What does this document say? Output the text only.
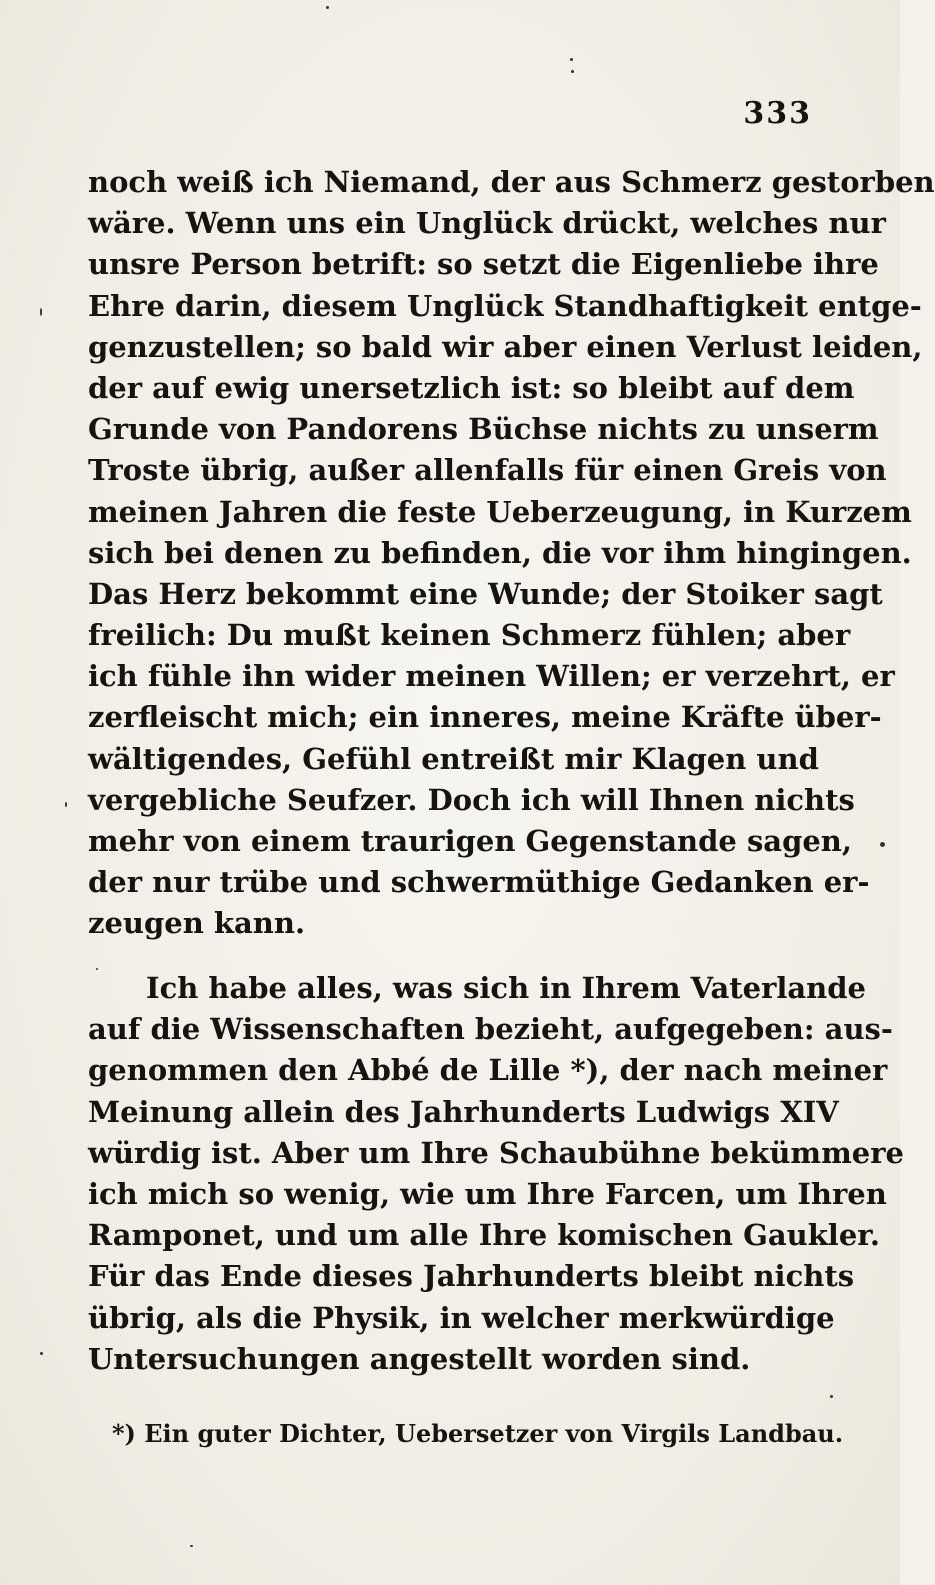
333
noch weiß ich Niemand, der aus Schmerz gestorben
wäre. Wenn uns ein Unglück drückt, welches nur
unsre Person betrift: so setzt die Eigenliebe ihre
Ehre darin, diesem Unglück Standhaftigkeit entge-
genzustellen; so bald wir aber einen Verlust leiden,
der auf ewig unersetzlich ist: so bleibt auf dem
Grunde von Pandorens Büchse nichts zu unserm
Troste übrig, außer allenfalls für einen Greis von
meinen Jahren die feste Ueberzeugung, in Kurzem
sich bei denen zu befinden, die vor ihm hingingen.
Das Herz bekommt eine Wunde; der Stoiker sagt
freilich: Du mußt keinen Schmerz fühlen; aber
ich fühle ihn wider meinen Willen; er verzehrt, er
zerfleischt mich; ein inneres, meine Kräfte über-
wältigendes, Gefühl entreißt mir Klagen und
vergebliche Seufzer. Doch ich will Ihnen nichts
mehr von einem traurigen Gegenstande sagen,
der nur trübe und schwermüthige Gedanken er-
zeugen kann.
Ich habe alles, was sich in Ihrem Vaterlande
auf die Wissenschaften bezieht, aufgegeben: aus-
genommen den Abbé de Lille *), der nach meiner
Meinung allein des Jahrhunderts Ludwigs XIV
würdig ist. Aber um Ihre Schaubühne bekümmere
ich mich so wenig, wie um Ihre Farcen, um Ihren
Ramponet, und um alle Ihre komischen Gaukler.
Für das Ende dieses Jahrhunderts bleibt nichts
übrig, als die Physik, in welcher merkwürdige
Untersuchungen angestellt worden sind.
*) Ein guter Dichter, Uebersetzer von Virgils Landbau.
